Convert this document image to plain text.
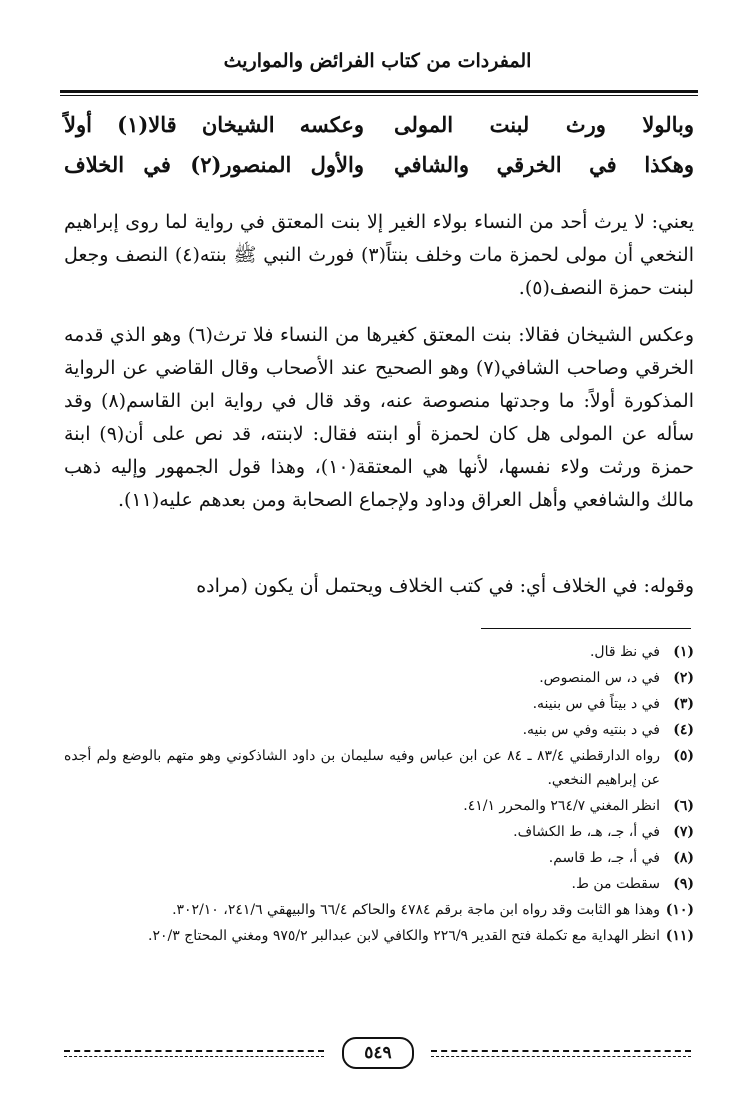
المفردات من كتاب الفرائض والمواريث
وبالولا ورث لبنت المولى
وعكسه الشيخان قالا(١) أولاً
وهكذا في الخرقي والشافي
والأول المنصور(٢) في الخلاف

يعني: لا يرث أحد من النساء بولاء الغير إلا بنت المعتق في رواية لما روى إبراهيم النخعي أن مولى لحمزة مات وخلف بنتاً(٣) فورث النبي ﷺ بنته(٤) النصف وجعل لبنت حمزة النصف(٥).

وعكس الشيخان فقالا: بنت المعتق كغيرها من النساء فلا ترث(٦) وهو الذي قدمه الخرقي وصاحب الشافي(٧) وهو الصحيح عند الأصحاب وقال القاضي عن الرواية المذكورة أولاً: ما وجدتها منصوصة عنه، وقد قال في رواية ابن القاسم(٨) وقد سأله عن المولى هل كان لحمزة أو ابنته فقال: لابنته، قد نص على أن(٩) ابنة حمزة ورثت ولاء نفسها، لأنها هي المعتقة(١٠)، وهذا قول الجمهور وإليه ذهب مالك والشافعي وأهل العراق وداود ولإجماع الصحابة ومن بعدهم عليه(١١).

وقوله: في الخلاف أي: في كتب الخلاف ويحتمل أن يكون (مراده

(١)
في نظ قال.
(٢)
في د، س المنصوص.
(٣)
في د بيتاً في س بنينه.
(٤)
في د بنتيه وفي س بنيه.
(٥)
رواه الدارقطني ٨٣/٤ ـ ٨٤ عن ابن عباس وفيه سليمان بن داود الشاذكوني وهو متهم بالوضع ولم أجده عن إبراهيم النخعي.
(٦)
انظر المغني ٢٦٤/٧ والمحرر ٤١/١.
(٧)
في أ، جـ، هـ، ط الكشاف.
(٨)
في أ، جـ، ط قاسم.
(٩)
سقطت من ط.
(١٠)
وهذا هو الثابت وقد رواه ابن ماجة برقم ٤٧٨٤ والحاكم ٦٦/٤ والبيهقي ٢٤١/٦، ٣٠٢/١٠.
(١١)
انظر الهداية مع تكملة فتح القدير ٢٢٦/٩ والكافي لابن عبدالبر ٩٧٥/٢ ومغني المحتاج ٢٠/٣.
٥٤٩
